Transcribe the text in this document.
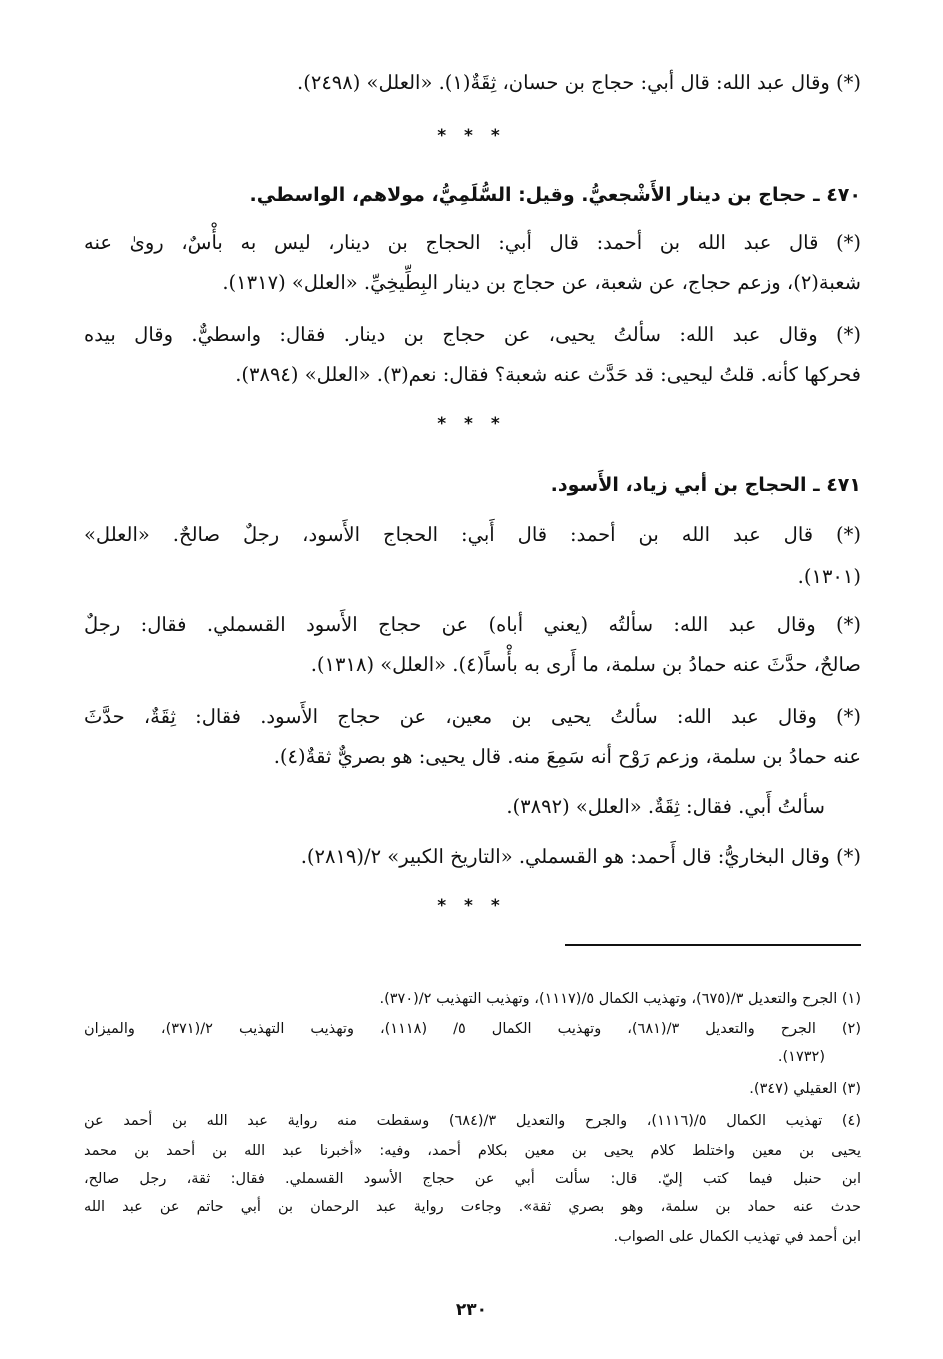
(*) وقال عبد الله: قال أبي: حجاج بن حسان، ثِقَةٌ(١). «العلل» (٢٤٩٨).
* * *
٤٧٠ ـ حجاج بن دينار الأَشْجعيُّ. وقيل: السُّلَمِيُّ، مولاهم، الواسطي.
(*) قال عبد الله بن أحمد: قال أبي: الحجاج بن دينار، ليس به بأْسٌ، روىٰ عنه
شعبة(٢)، وزعم حجاج، عن شعبة، عن حجاج بن دينار البِطِّيخِيِّ. «العلل» (١٣١٧).
(*) وقال عبد الله: سألتُ يحيى، عن حجاج بن دينار. فقال: واسطيٌّ. وقال بيده
فحركها كأنه. قلتُ ليحيى: قد حَدَّث عنه شعبة؟ فقال: نعم(٣). «العلل» (٣٨٩٤).
* * *
٤٧١ ـ الحجاج بن أبي زياد، الأَسود.
(*) قال عبد الله بن أحمد: قال أَبي: الحجاج الأَسود، رجلٌ صالحٌ. «العلل»
(١٣٠١).
(*) وقال عبد الله: سألتُه (يعني أباه) عن حجاج الأَسود القسملي. فقال: رجلٌ
صالحٌ، حدَّثَ عنه حمادُ بن سلمة، ما أَرى به بأْساً(٤). «العلل» (١٣١٨).
(*) وقال عبد الله: سألتُ يحيى بن معين، عن حجاج الأَسود. فقال: ثِقَةٌ، حدَّثَ
عنه حمادُ بن سلمة، وزعم رَوْح أنه سَمِعَ منه. قال يحيى: هو بصريٌّ ثقةٌ(٤).
سألتُ أَبي. فقال: ثِقَةٌ. «العلل» (٣٨٩٢).
(*) وقال البخاريُّ: قال أَحمد: هو القسملي. «التاريخ الكبير» ٢/(٢٨١٩).
* * *
(١) الجرح والتعديل ٣/(٦٧٥)، وتهذيب الكمال ٥/(١١١٧)، وتهذيب التهذيب ٢/(٣٧٠).
(٢) الجرح والتعديل ٣/(٦٨١)، وتهذيب الكمال ٥/ (١١١٨)، وتهذيب التهذيب ٢/(٣٧١)، والميزان
(١٧٣٢).
(٣) العقيلي (٣٤٧).
(٤) تهذيب الكمال ٥/(١١١٦)، والجرح والتعديل ٣/(٦٨٤) وسقطت منه رواية عبد الله بن أحمد عن
يحيى بن معين واختلط كلام يحيى بن معين بكلام أحمد، وفيه: «أخبرنا عبد الله بن أحمد بن محمد
ابن حنبل فيما كتب إليّ. قال: سألت أبي عن حجاج الأسود القسملي. فقال: ثقة، رجل صالح،
حدث عنه حماد بن سلمة، وهو بصري ثقة». وجاءت رواية عبد الرحمان بن أبي حاتم عن عبد الله
ابن أحمد في تهذيب الكمال على الصواب.
٢٣٠
